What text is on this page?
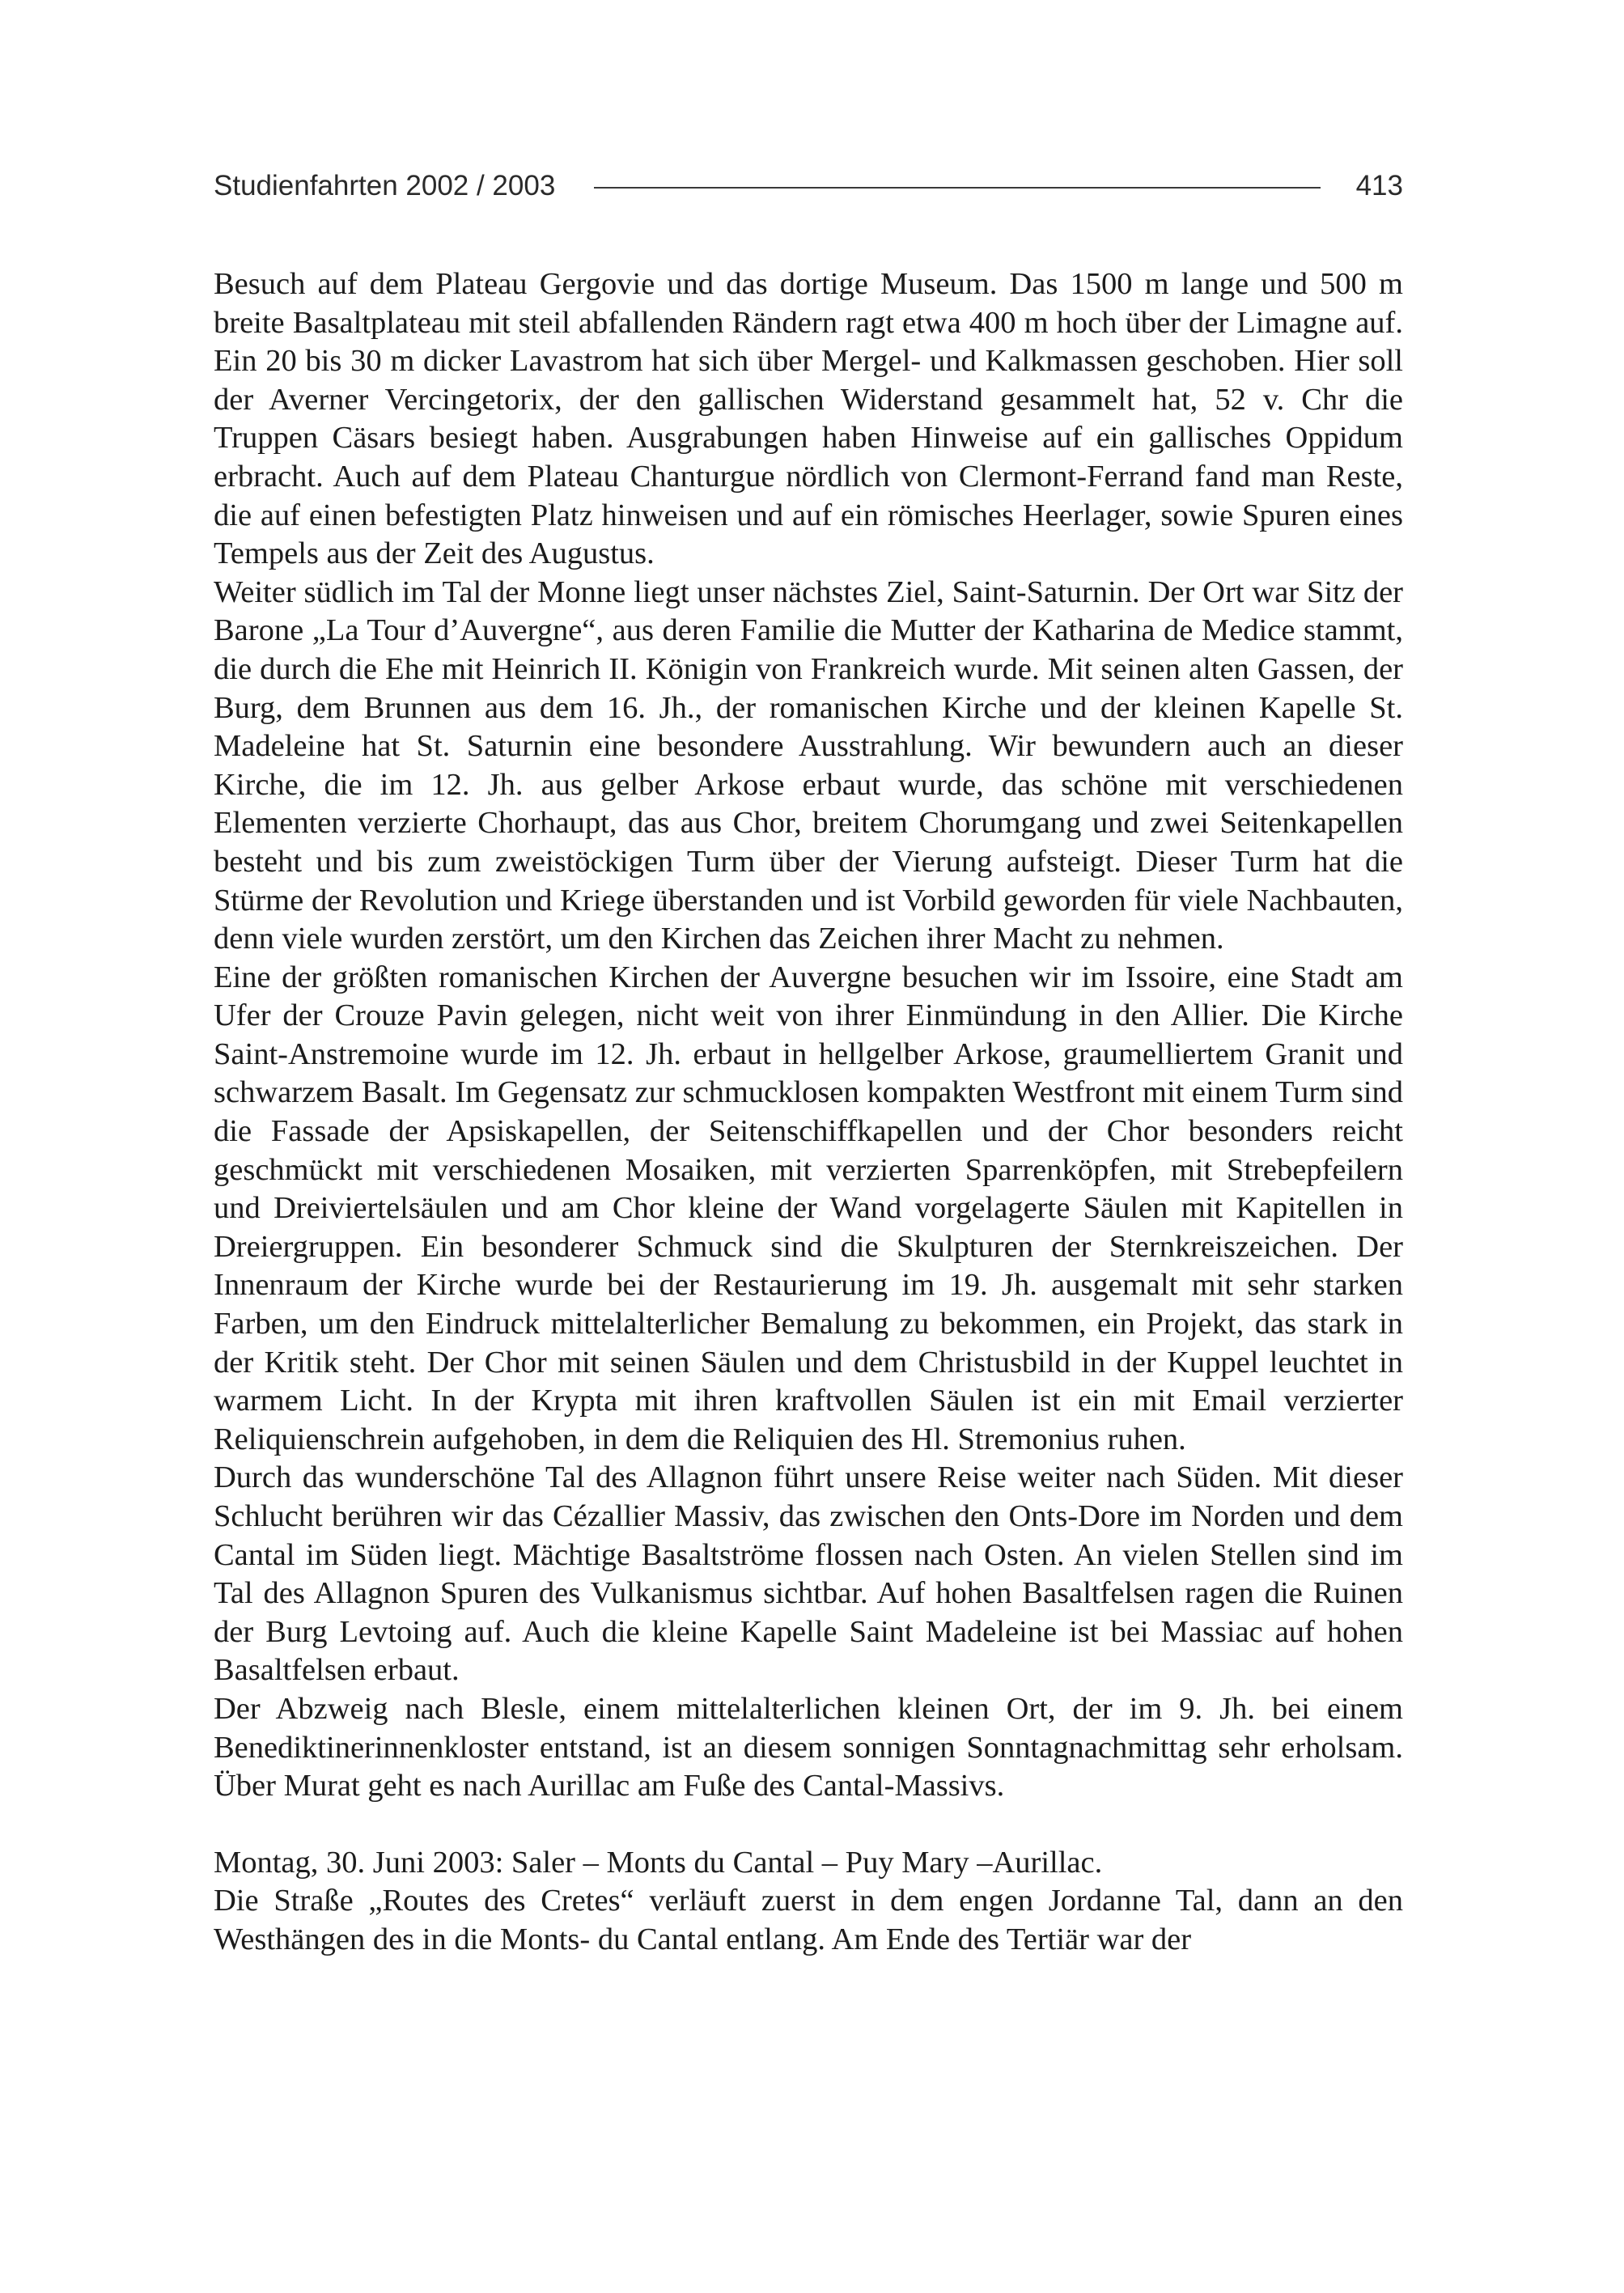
Studienfahrten 2002 / 2003	413

Besuch auf dem Plateau Gergovie und das dortige Museum. Das 1500 m lange und 500 m breite Basaltplateau mit steil abfallenden Rändern ragt etwa 400 m hoch über der Limagne auf. Ein 20 bis 30 m dicker Lavastrom hat sich über Mergel- und Kalkmassen geschoben. Hier soll der Averner Vercingetorix, der den gallischen Widerstand gesammelt hat, 52 v. Chr die Truppen Cäsars besiegt haben. Ausgrabungen haben Hinweise auf ein gallisches Oppidum erbracht. Auch auf dem Plateau Chanturgue nördlich von Clermont-Ferrand fand man Reste, die auf einen befestigten Platz hinweisen und auf ein römisches Heerlager, sowie Spuren eines Tempels aus der Zeit des Augustus.

Weiter südlich im Tal der Monne liegt unser nächstes Ziel, Saint-Saturnin. Der Ort war Sitz der Barone „La Tour d’Auvergne“, aus deren Familie die Mutter der Katharina de Medice stammt, die durch die Ehe mit Heinrich II. Königin von Frankreich wurde. Mit seinen alten Gassen, der Burg, dem Brunnen aus dem 16. Jh., der romanischen Kirche und der kleinen Kapelle St. Madeleine hat St. Saturnin eine besondere Ausstrahlung. Wir bewundern auch an dieser Kirche, die im 12. Jh. aus gelber Arkose erbaut wurde, das schöne mit verschiedenen Elementen verzierte Chorhaupt, das aus Chor, breitem Chorumgang und zwei Seitenkapellen besteht und bis zum zweistöckigen Turm über der Vierung aufsteigt. Dieser Turm hat die Stürme der Revolution und Kriege überstanden und ist Vorbild geworden für viele Nachbauten, denn viele wurden zerstört, um den Kirchen das Zeichen ihrer Macht zu nehmen.

Eine der größten romanischen Kirchen der Auvergne besuchen wir im Issoire, eine Stadt am Ufer der Crouze Pavin gelegen, nicht weit von ihrer Einmündung in den Allier. Die Kirche Saint-Anstremoine wurde im 12. Jh. erbaut in hellgelber Arkose, graumelliertem Granit und schwarzem Basalt. Im Gegensatz zur schmucklosen kompakten Westfront mit einem Turm sind die Fassade der Apsiskapellen, der Seitenschiffkapellen und der Chor besonders reicht geschmückt mit verschiedenen Mosaiken, mit verzierten Sparrenköpfen, mit Strebepfeilern und Dreiviertelsäulen und am Chor kleine der Wand vorgelagerte Säulen mit Kapitellen in Dreiergruppen. Ein besonderer Schmuck sind die Skulpturen der Sternkreiszeichen. Der Innenraum der Kirche wurde bei der Restaurierung im 19. Jh. ausgemalt mit sehr starken Farben, um den Eindruck mittelalterlicher Bemalung zu bekommen, ein Projekt, das stark in der Kritik steht. Der Chor mit seinen Säulen und dem Christusbild in der Kuppel leuchtet in warmem Licht. In der Krypta mit ihren kraftvollen Säulen ist ein mit Email verzierter Reliquienschrein aufgehoben, in dem die Reliquien des Hl. Stremonius ruhen.

Durch das wunderschöne Tal des Allagnon führt unsere Reise weiter nach Süden. Mit dieser Schlucht berühren wir das Cézallier Massiv, das zwischen den Onts-Dore im Norden und dem Cantal im Süden liegt. Mächtige Basaltströme flossen nach Osten. An vielen Stellen sind im Tal des Allagnon Spuren des Vulkanismus sichtbar. Auf hohen Basaltfelsen ragen die Ruinen der Burg Levtoing auf. Auch die kleine Kapelle Saint Madeleine ist bei Massiac auf hohen Basaltfelsen erbaut.

Der Abzweig nach Blesle, einem mittelalterlichen kleinen Ort, der im 9. Jh. bei einem Benediktinerinnenkloster entstand, ist an diesem sonnigen Sonntagnachmittag sehr erholsam. Über Murat geht es nach Aurillac am Fuße des Cantal-Massivs.

Montag, 30. Juni 2003: Saler – Monts du Cantal – Puy Mary –Aurillac.

Die Straße „Routes des Cretes“ verläuft zuerst in dem engen Jordanne Tal, dann an den Westhängen des in die Monts- du Cantal entlang. Am Ende des Tertiär war der
